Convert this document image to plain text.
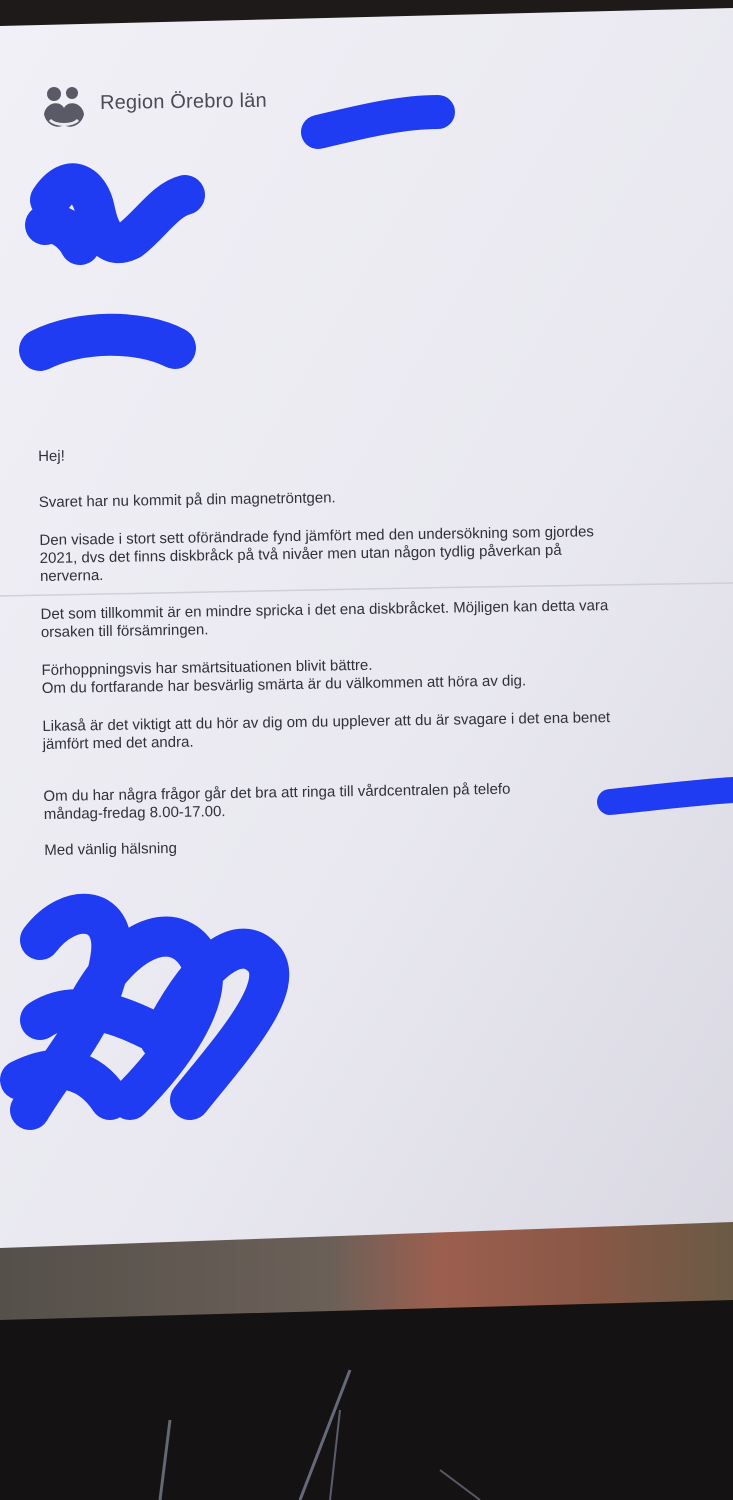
Region Örebro län

Hej!

Svaret har nu kommit på din magnetröntgen.

Den visade i stort sett oförändrade fynd jämfört med den undersökning som gjordes
2021, dvs det finns diskbråck på två nivåer men utan någon tydlig påverkan på
nerverna.

Det som tillkommit är en mindre spricka i det ena diskbråcket. Möjligen kan detta vara
orsaken till försämringen.

Förhoppningsvis har smärtsituationen blivit bättre.
Om du fortfarande har besvärlig smärta är du välkommen att höra av dig.

Likaså är det viktigt att du hör av dig om du upplever att du är svagare i det ena benet
jämfört med det andra.

Om du har några frågor går det bra att ringa till vårdcentralen på telefo
måndag-fredag 8.00-17.00.

Med vänlig hälsning
